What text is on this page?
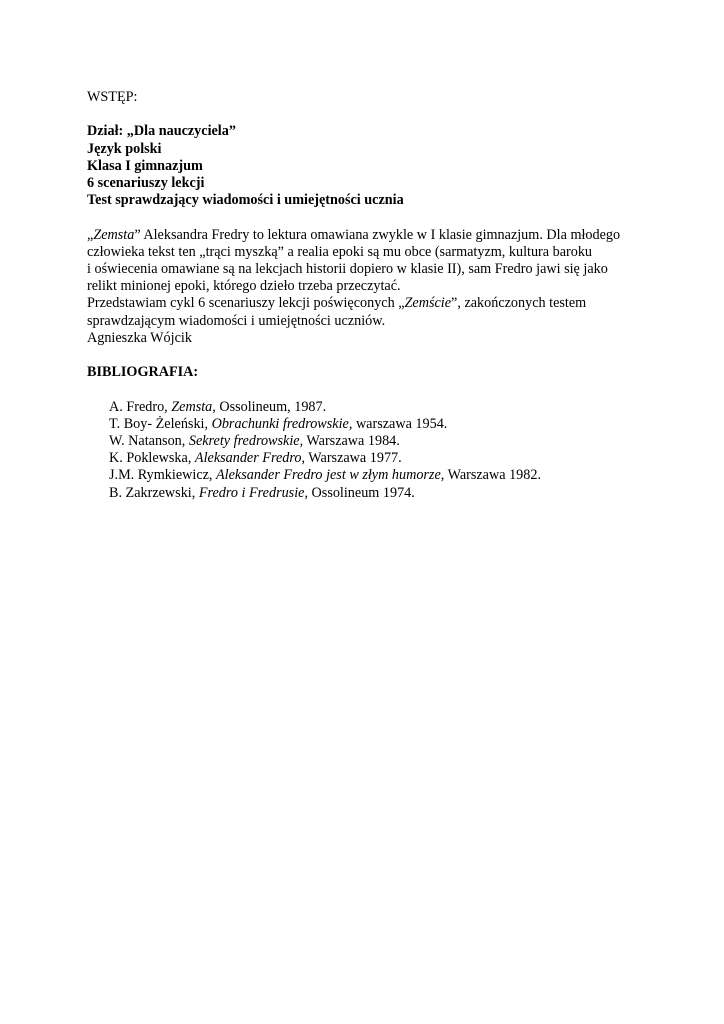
WSTĘP:
Dział: „Dla nauczyciela”
Język polski
Klasa I gimnazjum
6 scenariuszy lekcji
Test sprawdzający wiadomości i umiejętności ucznia
„Zemsta” Aleksandra Fredry to lektura omawiana zwykle w I klasie gimnazjum. Dla młodego
człowieka tekst ten „trąci myszką” a realia epoki są mu obce (sarmatyzm, kultura baroku
i oświecenia omawiane są na lekcjach historii dopiero w klasie II), sam Fredro jawi się jako
relikt minionej epoki, którego dzieło trzeba przeczytać.
Przedstawiam cykl 6 scenariuszy lekcji poświęconych „Zemście”, zakończonych testem
sprawdzającym wiadomości i umiejętności uczniów.
Agnieszka Wójcik
BIBLIOGRAFIA:
A. Fredro, Zemsta, Ossolineum, 1987.
T. Boy- Żeleński, Obrachunki fredrowskie, warszawa 1954.
W. Natanson, Sekrety fredrowskie, Warszawa 1984.
K. Poklewska, Aleksander Fredro, Warszawa 1977.
J.M. Rymkiewicz, Aleksander Fredro jest w złym humorze, Warszawa 1982.
B. Zakrzewski, Fredro i Fredrusie, Ossolineum 1974.
